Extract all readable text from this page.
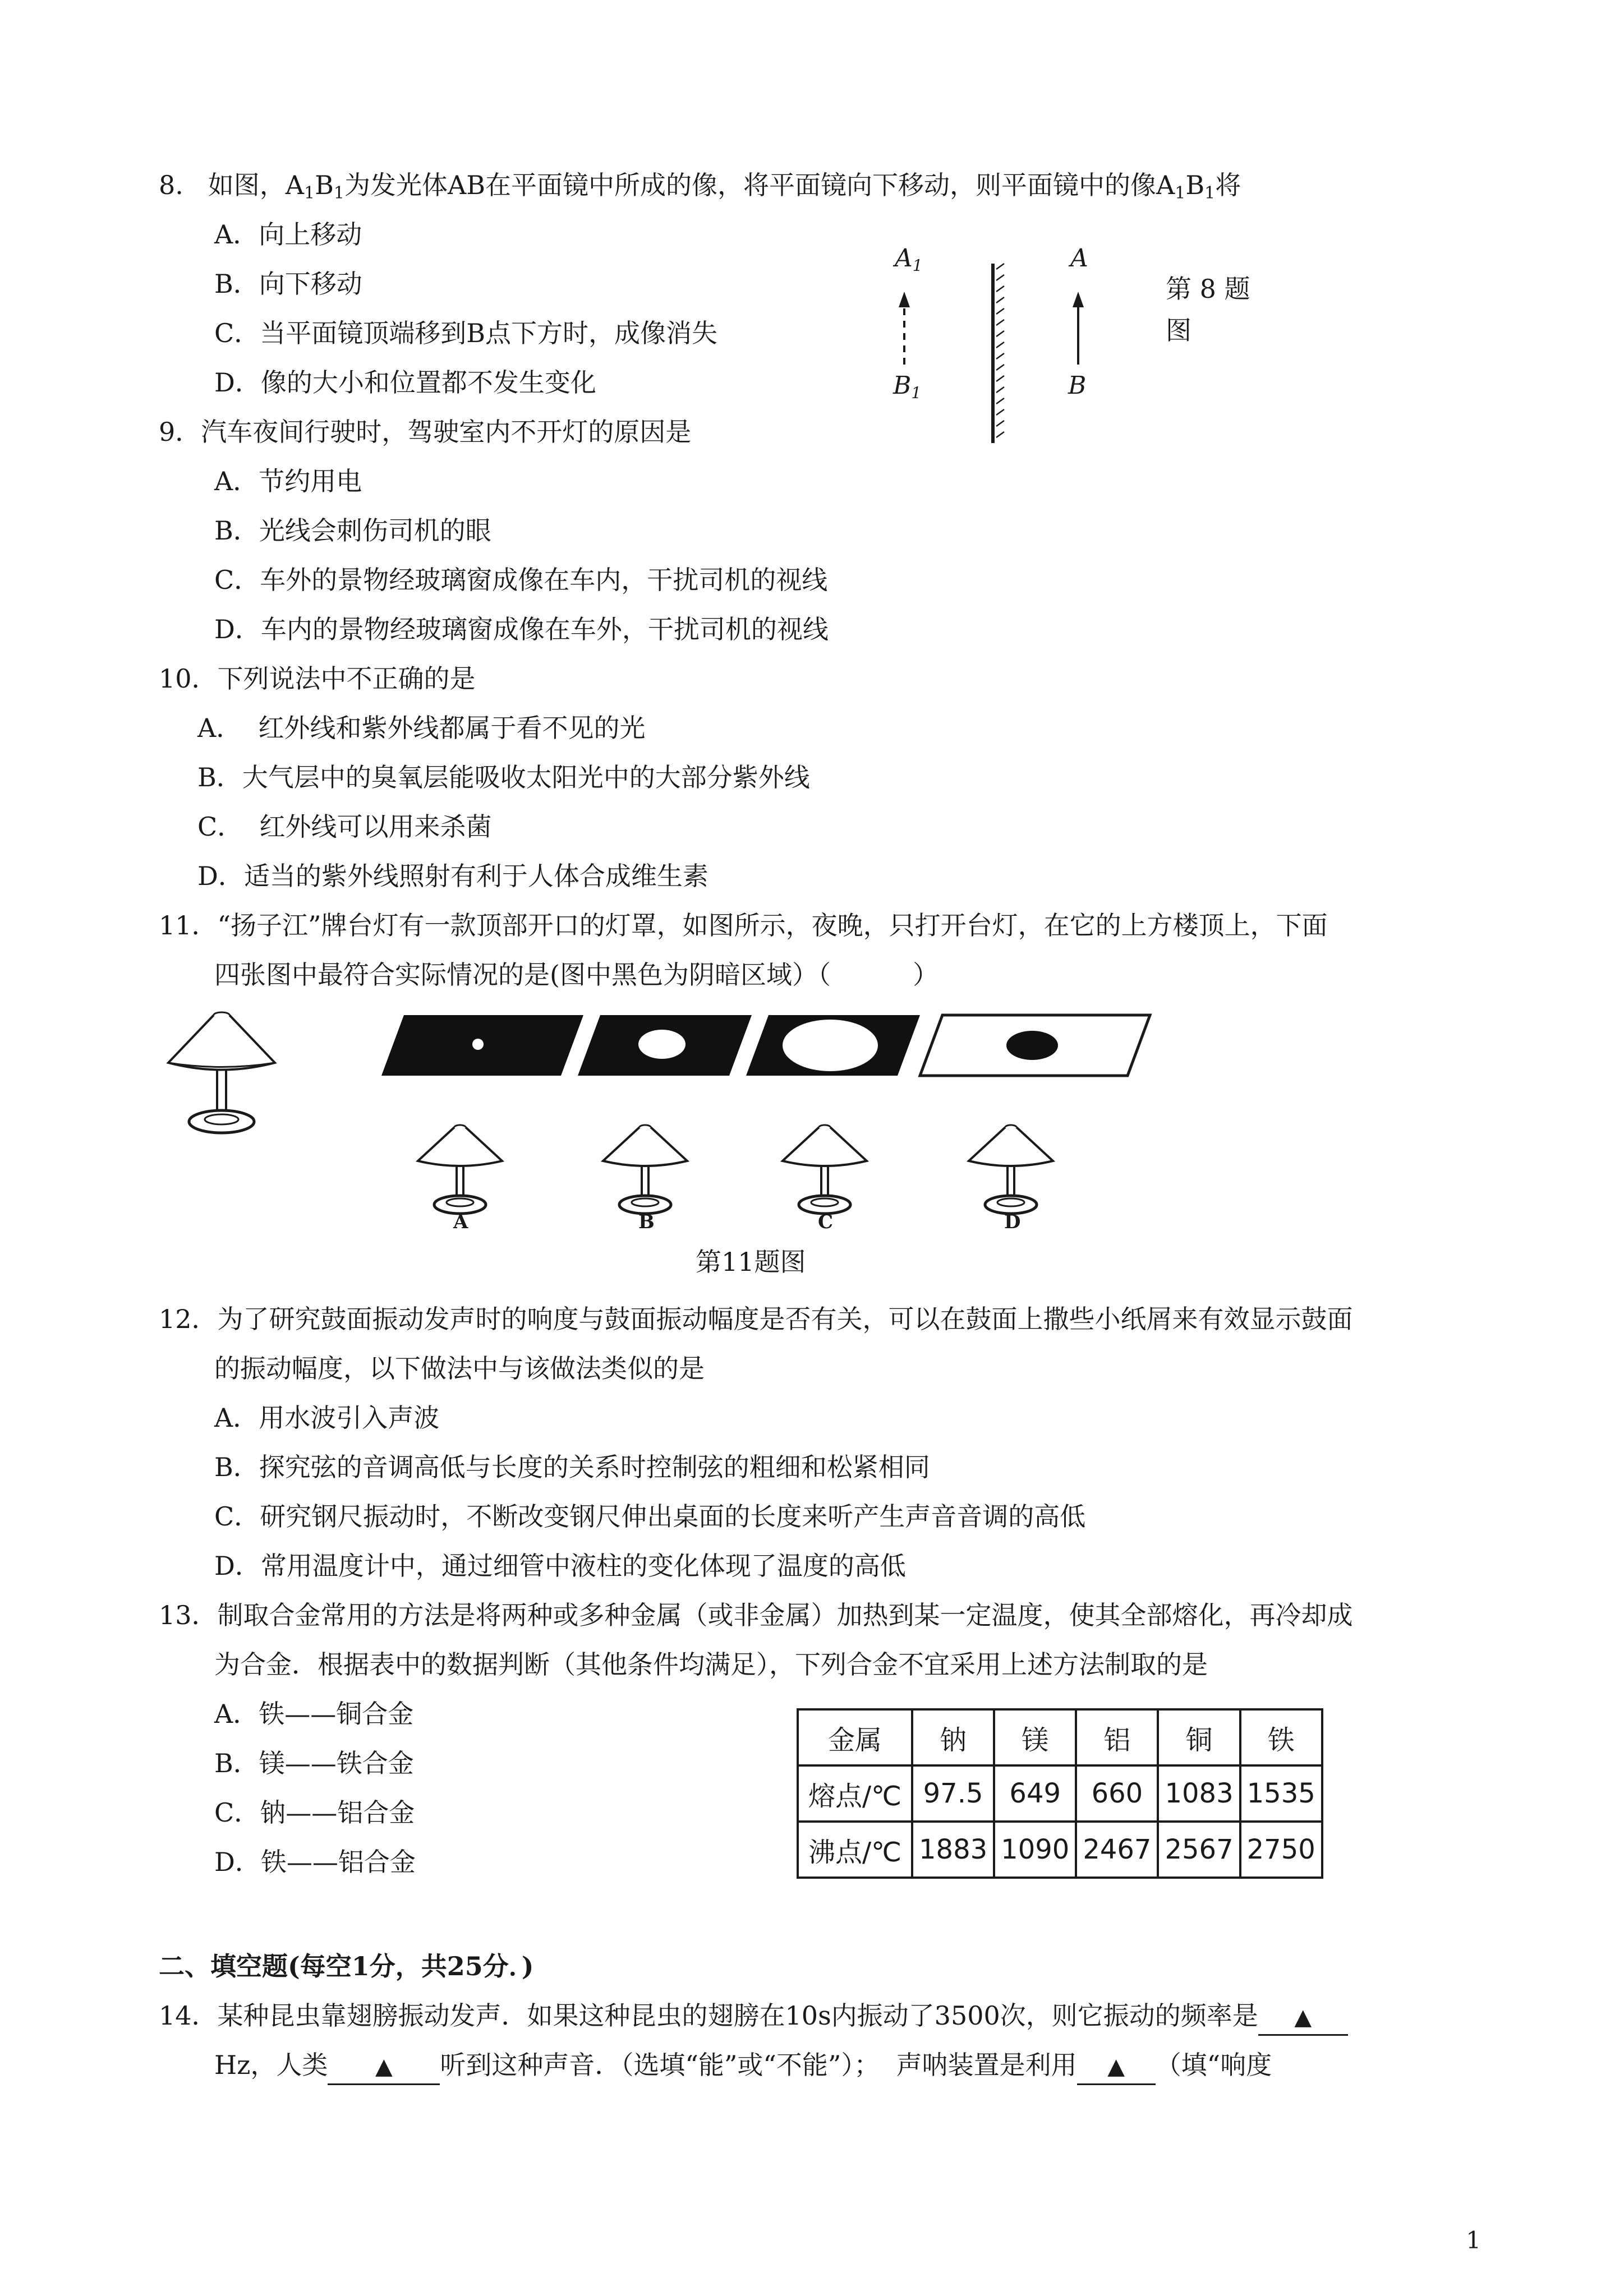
8. 如图，$A_1B_1$为发光体AB在平面镜中所成的像，将平面镜向下移动，则平面镜中的像$A_1B_1$将
A．向上移动
B．向下移动
C．当平面镜顶端移到B点下方时，成像消失
D．像的大小和位置都不发生变化
A1
B1
A
B
第 8 题
图
9．汽车夜间行驶时，驾驶室内不开灯的原因是
A．节约用电
B．光线会刺伤司机的眼
C．车外的景物经玻璃窗成像在车内，干扰司机的视线
D．车内的景物经玻璃窗成像在车外，干扰司机的视线
10．下列说法中不正确的是
A．  红外线和紫外线都属于看不见的光
B．大气层中的臭氧层能吸收太阳光中的大部分紫外线
C．  红外线可以用来杀菌
D．适当的紫外线照射有利于人体合成维生素
11．“扬子江”牌台灯有一款顶部开口的灯罩，如图所示，夜晚，只打开台灯，在它的上方楼顶上，下面
四张图中最符合实际情况的是(图中黑色为阴暗区域）（          ）
A	B	C	D
第11题图
12．为了研究鼓面振动发声时的响度与鼓面振动幅度是否有关，可以在鼓面上撒些小纸屑来有效显示鼓面
的振动幅度，以下做法中与该做法类似的是
A．用水波引入声波
B．探究弦的音调高低与长度的关系时控制弦的粗细和松紧相同
C．研究钢尺振动时，不断改变钢尺伸出桌面的长度来听产生声音音调的高低
D．常用温度计中，通过细管中液柱的变化体现了温度的高低
13．制取合金常用的方法是将两种或多种金属（或非金属）加热到某一定温度，使其全部熔化，再冷却成
为合金．根据表中的数据判断（其他条件均满足），下列合金不宜采用上述方法制取的是
A．铁——铜合金
B．镁——铁合金
C．钠——铝合金
D．铁——铝合金
金属	钠	镁	铝	铜	铁
熔点/℃	97.5	649	660	1083	1535
沸点/℃	1883	1090	2467	2567	2750
二、填空题(每空1分，共25分．)
14．某种昆虫靠翅膀振动发声．如果这种昆虫的翅膀在10s内振动了3500次，则它振动的频率是 ▲
Hz，人类 ▲ 听到这种声音．（选填“能”或“不能”）；  声呐装置是利用 ▲ （填“响度
1
